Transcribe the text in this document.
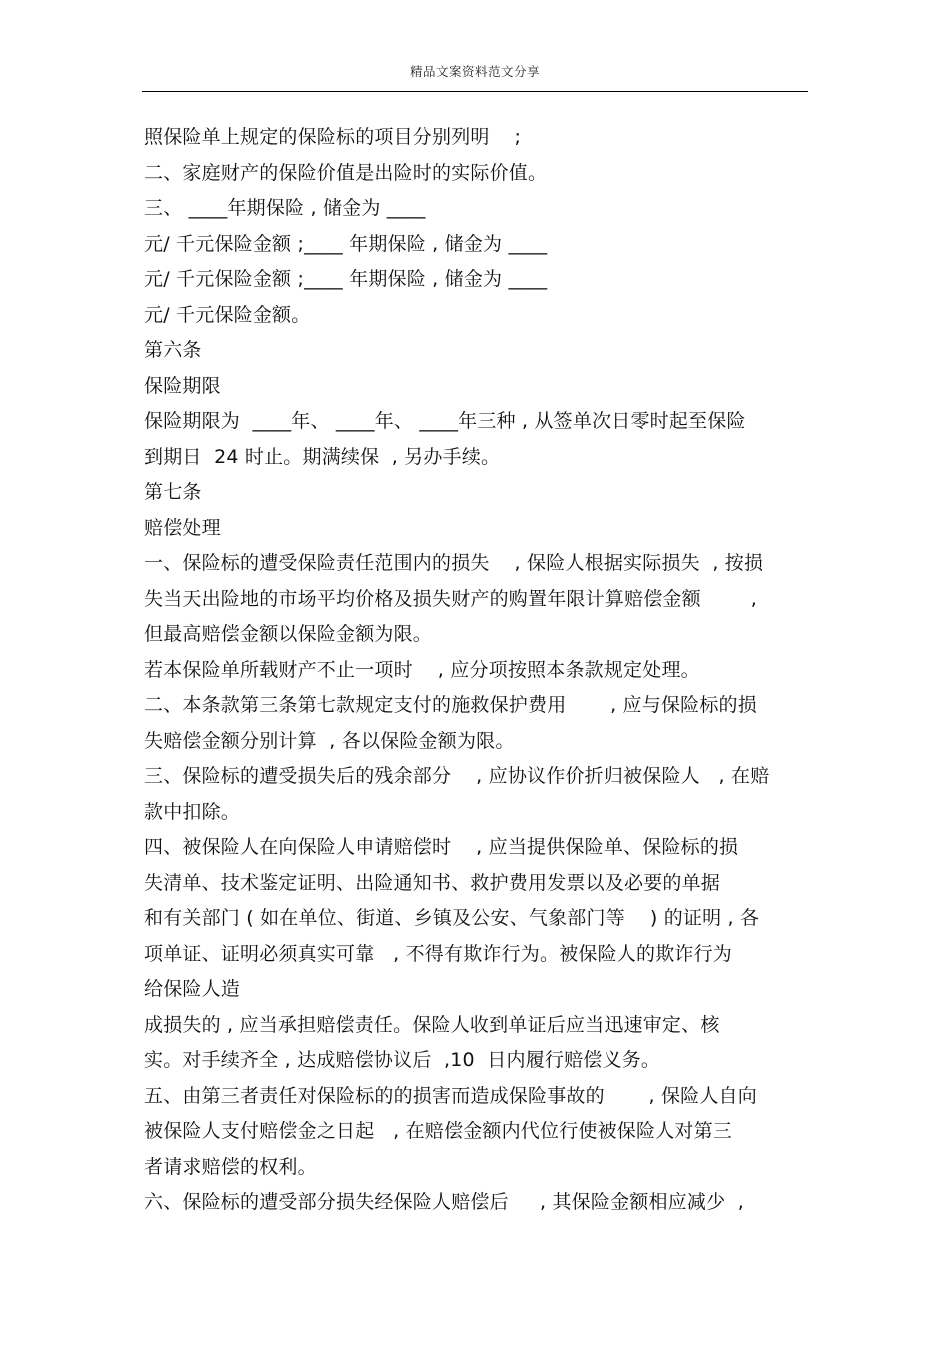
精品文案资料范文分享
照保险单上规定的保险标的项目分别列明    ;
二、家庭财产的保险价值是出险时的实际价值。
三、 ____年期保险 , 储金为 ____
元/ 千元保险金额 ;____ 年期保险 , 储金为 ____
元/ 千元保险金额 ;____ 年期保险 , 储金为 ____
元/ 千元保险金额。
第六条
保险期限
保险期限为  ____年、 ____年、 ____年三种 , 从签单次日零时起至保险
到期日  24 时止。期满续保  , 另办手续。
第七条
赔偿处理
一、保险标的遭受保险责任范围内的损失    , 保险人根据实际损失  , 按损
失当天出险地的市场平均价格及损失财产的购置年限计算赔偿金额        ,
但最高赔偿金额以保险金额为限。
若本保险单所载财产不止一项时    , 应分项按照本条款规定处理。
二、本条款第三条第七款规定支付的施救保护费用       , 应与保险标的损
失赔偿金额分别计算  , 各以保险金额为限。
三、保险标的遭受损失后的残余部分    , 应协议作价折归被保险人   , 在赔
款中扣除。
四、被保险人在向保险人申请赔偿时    , 应当提供保险单、保险标的损
失清单、技术鉴定证明、出险通知书、救护费用发票以及必要的单据
和有关部门 ( 如在单位、街道、乡镇及公安、气象部门等    ) 的证明 , 各
项单证、证明必须真实可靠   , 不得有欺诈行为。被保险人的欺诈行为
给保险人造
成损失的 , 应当承担赔偿责任。保险人收到单证后应当迅速审定、核
实。对手续齐全 , 达成赔偿协议后  ,10  日内履行赔偿义务。
五、由第三者责任对保险标的的损害而造成保险事故的       , 保险人自向
被保险人支付赔偿金之日起   , 在赔偿金额内代位行使被保险人对第三
者请求赔偿的权利。
六、保险标的遭受部分损失经保险人赔偿后     , 其保险金额相应减少  ,
